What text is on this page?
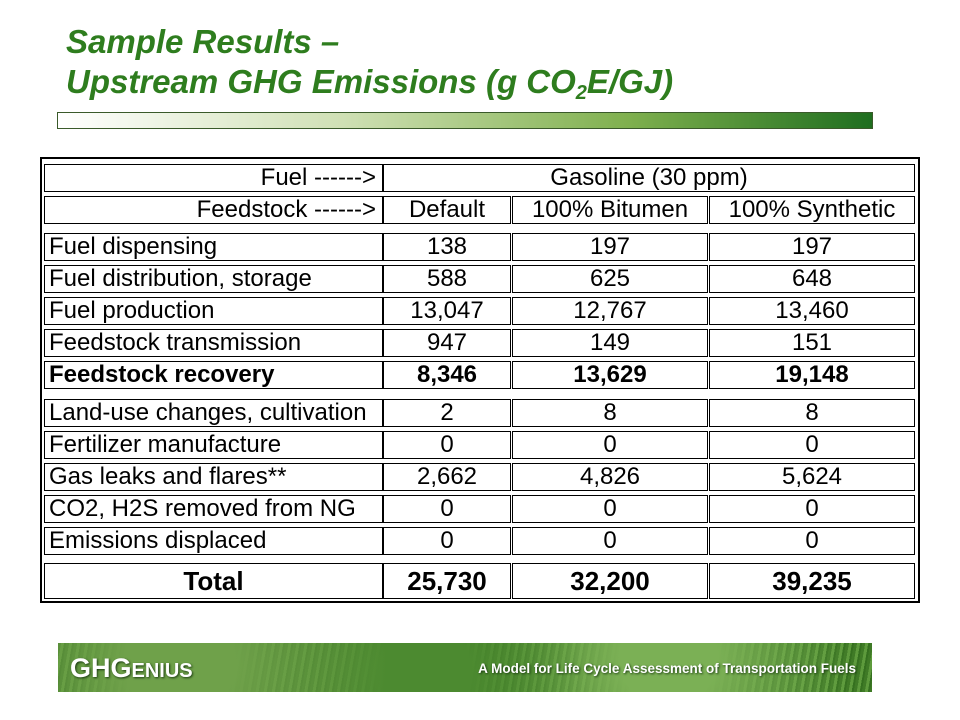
Sample Results –
Upstream GHG Emissions (g $CO_2E/GJ$)
Fuel ------>	Gasoline (30 ppm)
Feedstock ------>	Default	100% Bitumen	100% Synthetic
Fuel dispensing	138	197	197
Fuel distribution, storage	588	625	648
Fuel production	13,047	12,767	13,460
Feedstock transmission	947	149	151
Feedstock recovery	8,346	13,629	19,148
Land-use changes, cultivation	2	8	8
Fertilizer manufacture	0	0	0
Gas leaks and flares**	2,662	4,826	5,624
CO2, H2S removed from NG	0	0	0
Emissions displaced	0	0	0
Total	25,730	32,200	39,235
GHGENIUS	A Model for Life Cycle Assessment of Transportation Fuels
